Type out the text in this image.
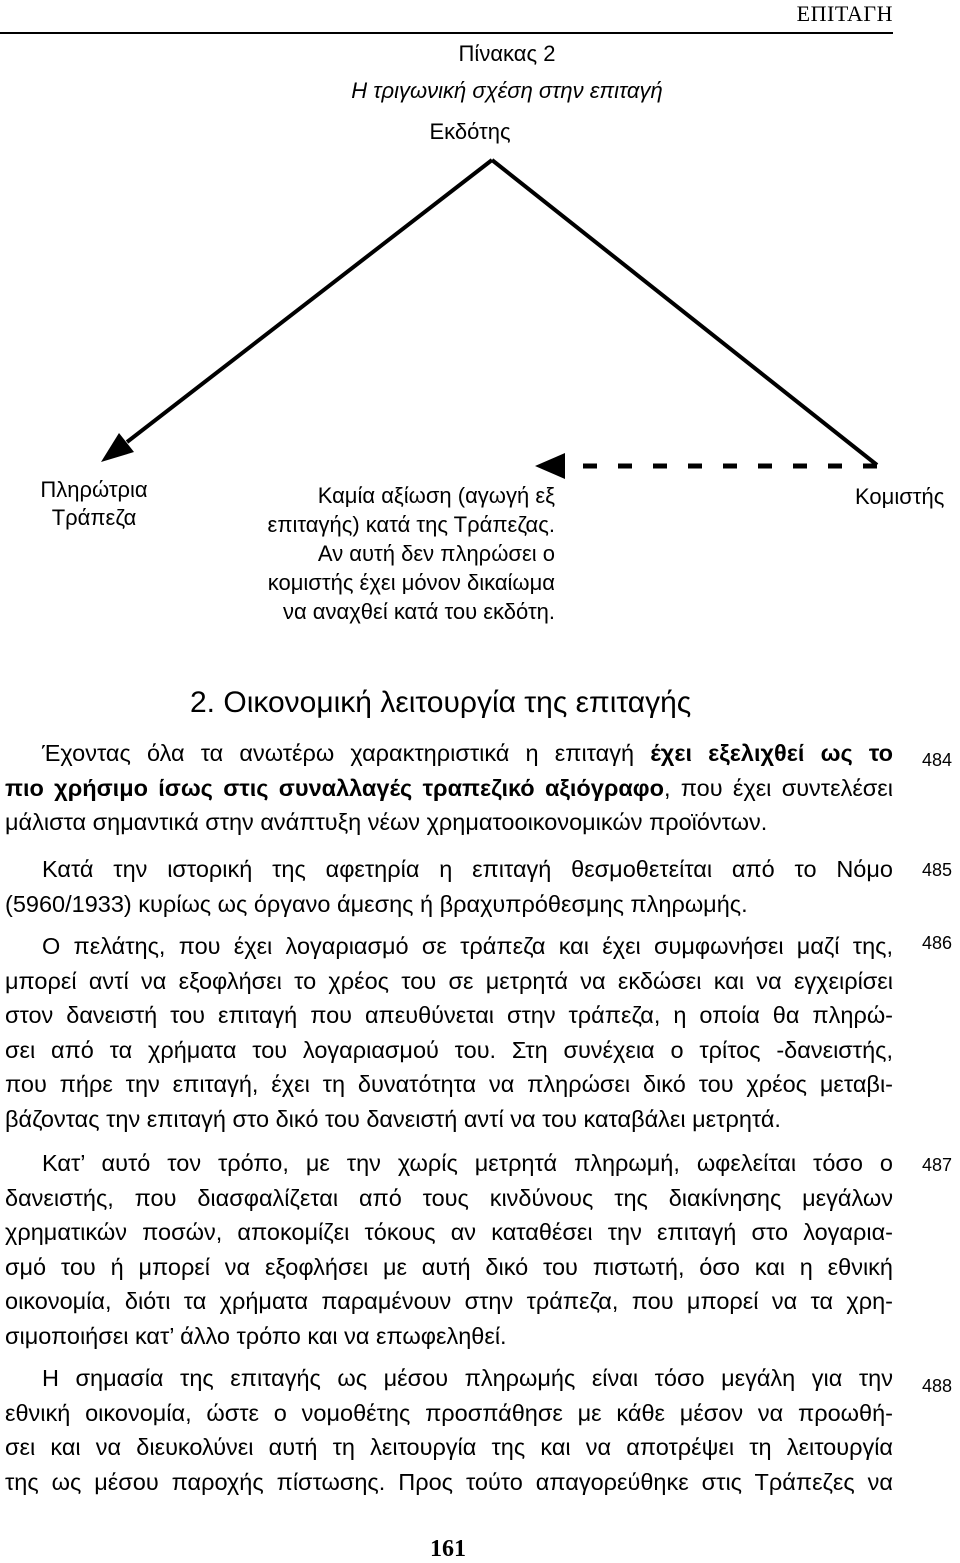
ΕΠΙΤΑΓΗ
Πίνακας 2
Η τριγωνική σχέση στην επιταγή
Εκδότης
Πληρώτρια
Τράπεζα
Καμία αξίωση (αγωγή εξ
επιταγής) κατά της Τράπεζας.
Αν αυτή δεν πληρώσει ο
κομιστής έχει μόνον δικαίωμα
να αναχθεί κατά του εκδότη.
Κομιστής
2. Οικονομική λειτουργία της επιταγής
Έχοντας όλα τα ανωτέρω χαρακτηριστικά η επιταγή έχει εξελιχθεί ως το
πιο χρήσιμο ίσως στις συναλλαγές τραπεζικό αξιόγραφο, που έχει συντελέσει
μάλιστα σημαντικά στην ανάπτυξη νέων χρηματοοικονομικών προϊόντων.
484
Κατά την ιστορική της αφετηρία η επιταγή θεσμοθετείται από το Νόμο
(5960/1933) κυρίως ως όργανο άμεσης ή βραχυπρόθεσμης πληρωμής.
485
Ο πελάτης, που έχει λογαριασμό σε τράπεζα και έχει συμφωνήσει μαζί της,
μπορεί αντί να εξοφλήσει το χρέος του σε μετρητά να εκδώσει και να εγχειρίσει
στον δανειστή του επιταγή που απευθύνεται στην τράπεζα, η οποία θα πληρώ-
σει από τα χρήματα του λογαριασμού του. Στη συνέχεια ο τρίτος -δανειστής,
που πήρε την επιταγή, έχει τη δυνατότητα να πληρώσει δικό του χρέος μεταβι-
βάζοντας την επιταγή στο δικό του δανειστή αντί να του καταβάλει μετρητά.
486
Κατ’ αυτό τον τρόπο, με την χωρίς μετρητά πληρωμή, ωφελείται τόσο ο
δανειστής, που διασφαλίζεται από τους κινδύνους της διακίνησης μεγάλων
χρηματικών ποσών, αποκομίζει τόκους αν καταθέσει την επιταγή στο λογαρια-
σμό του ή μπορεί να εξοφλήσει με αυτή δικό του πιστωτή, όσο και η εθνική
οικονομία, διότι τα χρήματα παραμένουν στην τράπεζα, που μπορεί να τα χρη-
σιμοποιήσει κατ’ άλλο τρόπο και να επωφεληθεί.
487
Η σημασία της επιταγής ως μέσου πληρωμής είναι τόσο μεγάλη για την
εθνική οικονομία, ώστε ο νομοθέτης προσπάθησε με κάθε μέσον να προωθή-
σει και να διευκολύνει αυτή τη λειτουργία της και να αποτρέψει τη λειτουργία
της ως μέσου παροχής πίστωσης. Προς τούτο απαγορεύθηκε στις Τράπεζες να
488
161
